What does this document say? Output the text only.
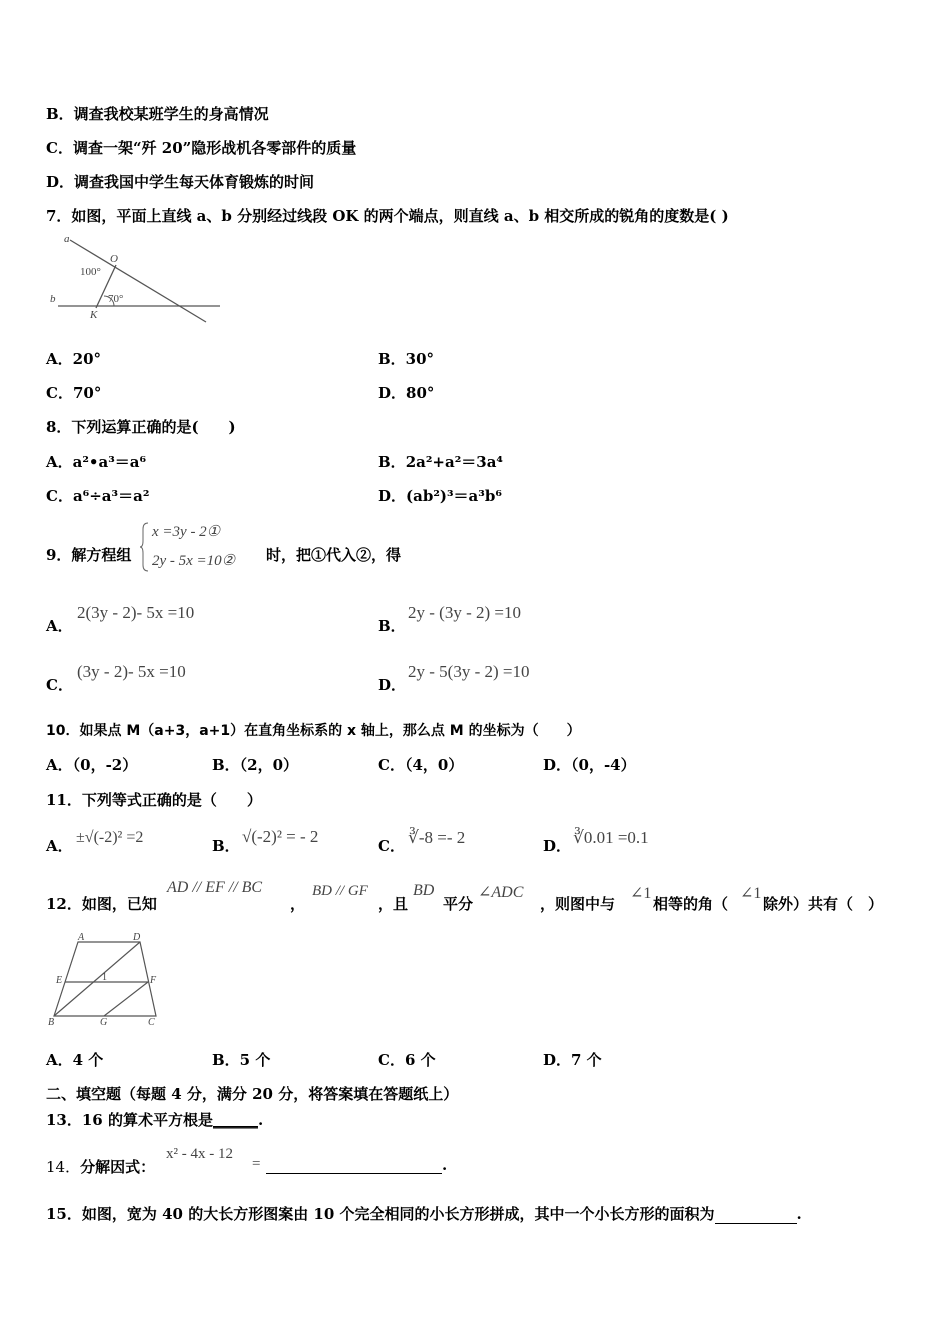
B．调查我校某班学生的身高情况
C．调查一架“歼 20”隐形战机各零部件的质量
D．调查我国中学生每天体育锻炼的时间
7．如图，平面上直线 a、b 分别经过线段 OK 的两个端点，则直线 a、b 相交所成的锐角的度数是( )
a
O
100°
b	70°
K
A．20°	B．30°
C．70°	D．80°
8．下列运算正确的是(　　)
A．a²•a³＝a⁶	B．2a²+a²＝3a⁴
C．a⁶÷a³＝a²	D．(ab²)³＝a³b⁶
9．解方程组
x =3y - 2①
2y - 5x =10② 时，把①代入②，得
A．
2(3y - 2)- 5x =10
B．
2y - (3y - 2) =10
C．
(3y - 2)- 5x =10
D．
2y - 5(3y - 2) =10
10．如果点 M（a+3，a+1）在直角坐标系的 x 轴上，那么点 M 的坐标为（　　）
A．（0，-2）	B．（2，0）	C．（4，0）	D．（0，-4）
11．下列等式正确的是（　　）
A． ±√(-2)² =2	B． √(-2)² = - 2	C． ∛-8 =- 2	D． ∛0.01 =0.1
12．如图，已知
AD // EF // BC
，
BD // GF
，且
BD
平分
∠ADC
，则图中与
∠1
相等的角（
∠1
除外）共有（　）
A	D
E	1	F
B	G	C
A．4 个	B．5 个	C．6 个	D．7 个
二、填空题（每题 4 分，满分 20 分，将答案填在答题纸上）
13．16 的算术平方根是______.
14．分解因式：
x² - 4x - 12
=	.
15．如图，宽为 40 的大长方形图案由 10 个完全相同的小长方形拼成，其中一个小长方形的面积为	.
